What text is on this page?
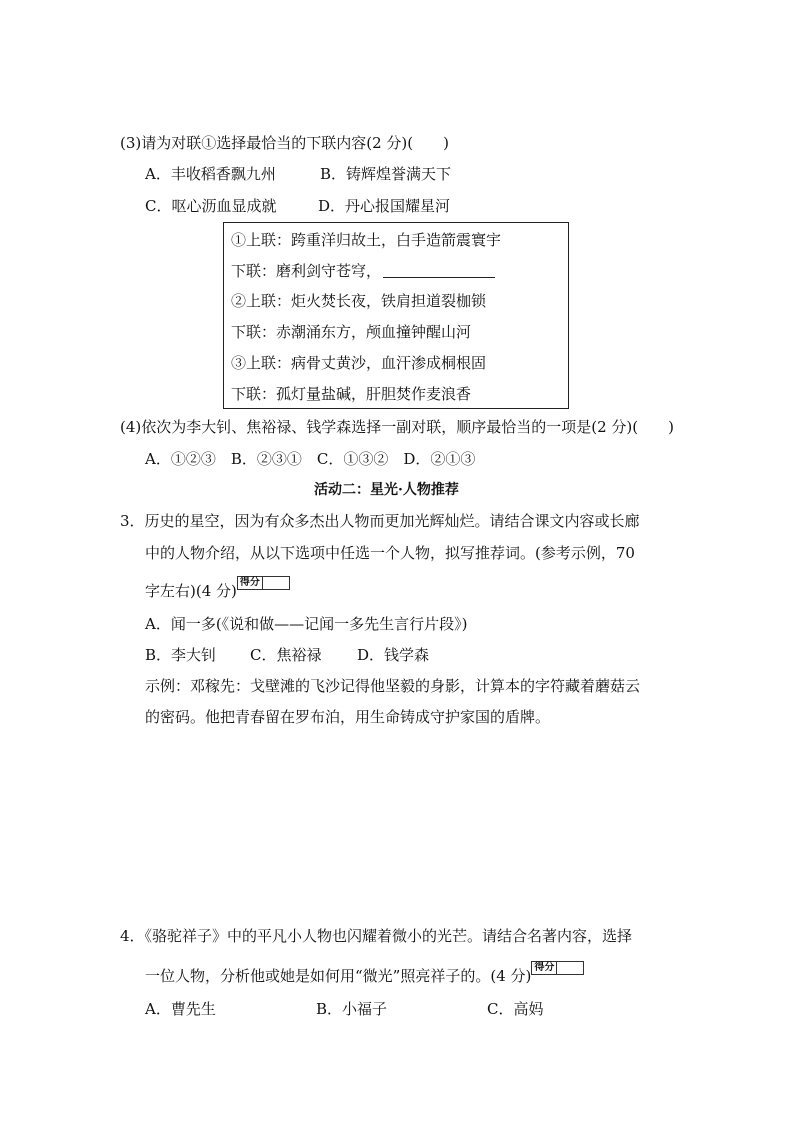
(3)请为对联①选择最恰当的下联内容(2 分)(　　)
A．丰收稻香飘九州	B．铸辉煌誉满天下
C．呕心沥血显成就	D．丹心报国耀星河
①上联：跨重洋归故土，白手造箭震寰宇
下联：磨利剑守苍穹，
②上联：炬火焚长夜，铁肩担道裂枷锁
下联：赤潮涌东方，颅血撞钟醒山河
③上联：病骨丈黄沙，血汗渗成桐根固
下联：孤灯量盐碱，肝胆焚作麦浪香
(4)依次为李大钊、焦裕禄、钱学森选择一副对联，顺序最恰当的一项是(2 分)(　　)
A．①②③　B．②③①　C．①③②　D．②①③
活动二：星光·人物推荐
3．历史的星空，因为有众多杰出人物而更加光辉灿烂。请结合课文内容或长廊
中的人物介绍，从以下选项中任选一个人物，拟写推荐词。(参考示例，70
字左右)(4 分) 得分
A．闻一多(《说和做——记闻一多先生言行片段》)
B．李大钊 C．焦裕禄 D．钱学森
示例：邓稼先：戈壁滩的飞沙记得他坚毅的身影，计算本的字符藏着蘑菇云
的密码。他把青春留在罗布泊，用生命铸成守护家国的盾牌。
4．《骆驼祥子》中的平凡小人物也闪耀着微小的光芒。请结合名著内容，选择
一位人物，分析他或她是如何用“微光”照亮祥子的。(4 分) 得分
A．曹先生	B．小福子	C．高妈
